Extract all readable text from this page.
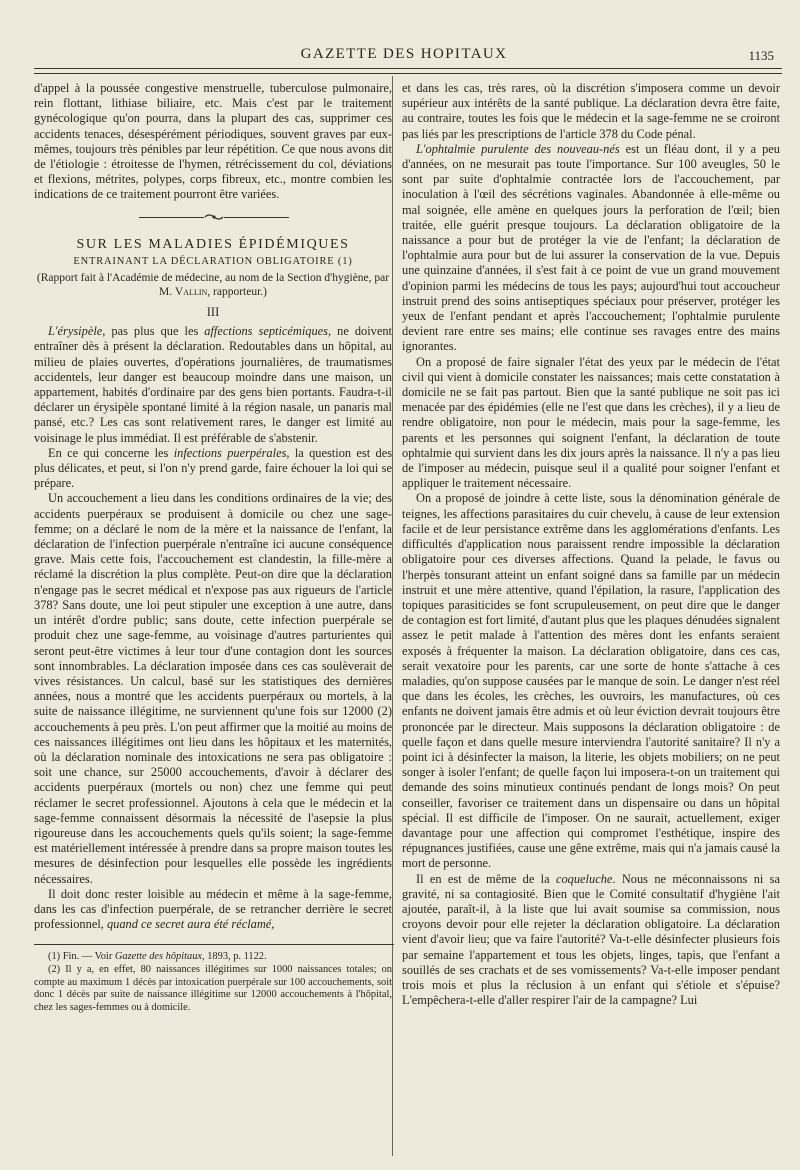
GAZETTE DES HOPITAUX	1135

d'appel à la poussée congestive menstruelle, tuberculose pulmonaire, rein flottant, lithiase biliaire, etc. Mais c'est par le traitement gynécologique qu'on pourra, dans la plupart des cas, supprimer ces accidents tenaces, désespérément périodiques, souvent graves par eux-mêmes, toujours très pénibles par leur répétition. Ce que nous avons dit de l'étiologie : étroitesse de l'hymen, rétrécissement du col, déviations et flexions, métrites, polypes, corps fibreux, etc., montre combien les indications de ce traitement pourront être variées.

SUR LES MALADIES ÉPIDÉMIQUES
ENTRAINANT LA DÉCLARATION OBLIGATOIRE (1)
(Rapport fait à l'Académie de médecine, au nom de la Section d'hygiène, par M. Vallin, rapporteur.)
III

L'érysipèle, pas plus que les affections septicémiques, ne doivent entraîner dès à présent la déclaration. Redoutables dans un hôpital, au milieu de plaies ouvertes, d'opérations journalières, de traumatismes accidentels, leur danger est beaucoup moindre dans une maison, un appartement, habités d'ordinaire par des gens bien portants. Faudra-t-il déclarer un érysipèle spontané limité à la région nasale, un panaris mal pansé, etc.? Les cas sont relativement rares, le danger est limité au voisinage le plus immédiat. Il est préférable de s'abstenir.

En ce qui concerne les infections puerpérales, la question est des plus délicates, et peut, si l'on n'y prend garde, faire échouer la loi qui se prépare.

Un accouchement a lieu dans les conditions ordinaires de la vie; des accidents puerpéraux se produisent à domicile ou chez une sage-femme; on a déclaré le nom de la mère et la naissance de l'enfant, la déclaration de l'infection puerpérale n'entraîne ici aucune conséquence grave. Mais cette fois, l'accouchement est clandestin, la fille-mère a réclamé la discrétion la plus complète. Peut-on dire que la déclaration n'engage pas le secret médical et n'expose pas aux rigueurs de l'article 378? Sans doute, une loi peut stipuler une exception à une autre, dans un intérêt d'ordre public; sans doute, cette infection puerpérale se produit chez une sage-femme, au voisinage d'autres parturientes qui seront peut-être victimes à leur tour d'une contagion dont les sources sont innombrables. La déclaration imposée dans ces cas soulèverait de vives résistances. Un calcul, basé sur les statistiques des dernières années, nous a montré que les accidents puerpéraux ou mortels, à la suite de naissance illégitime, ne surviennent qu'une fois sur 12000 (2) accouchements à peu près. L'on peut affirmer que la moitié au moins de ces naissances illégitimes ont lieu dans les hôpitaux et les maternités, où la déclaration nominale des intoxications ne sera pas obligatoire : soit une chance, sur 25000 accouchements, d'avoir à déclarer des accidents puerpéraux (mortels ou non) chez une femme qui peut réclamer le secret professionnel. Ajoutons à cela que le médecin et la sage-femme connaissent désormais la nécessité de l'asepsie la plus rigoureuse dans les accouchements quels qu'ils soient; la sage-femme est matériellement intéressée à prendre dans sa propre maison toutes les mesures de désinfection pour lesquelles elle possède les ingrédients nécessaires.

Il doit donc rester loisible au médecin et même à la sage-femme, dans les cas d'infection puerpérale, de se retrancher derrière le secret professionnel, quand ce secret aura été réclamé,

(1) Fin. — Voir Gazette des hôpitaux, 1893, p. 1122.

(2) Il y a, en effet, 80 naissances illégitimes sur 1000 naissances totales; on compte au maximum 1 décès par intoxication puerpérale sur 100 accouchements, soit donc 1 décès par suite de naissance illégitime sur 12000 accouchements à l'hôpital, chez les sages-femmes ou à domicile.

et dans les cas, très rares, où la discrétion s'imposera comme un devoir supérieur aux intérêts de la santé publique. La déclaration devra être faite, au contraire, toutes les fois que le médecin et la sage-femme ne se croiront pas liés par les prescriptions de l'article 378 du Code pénal.

L'ophtalmie purulente des nouveau-nés est un fléau dont, il y a peu d'années, on ne mesurait pas toute l'importance. Sur 100 aveugles, 50 le sont par suite d'ophtalmie contractée lors de l'accouchement, par inoculation à l'œil des sécrétions vaginales. Abandonnée à elle-même ou mal soignée, elle amène en quelques jours la perforation de l'œil; bien traitée, elle guérit presque toujours. La déclaration obligatoire de la naissance a pour but de protéger la vie de l'enfant; la déclaration de l'ophtalmie aura pour but de lui assurer la conservation de la vue. Depuis une quinzaine d'années, il s'est fait à ce point de vue un grand mouvement d'opinion parmi les médecins de tous les pays; aujourd'hui tout accoucheur instruit prend des soins antiseptiques spéciaux pour préserver, protéger les yeux de l'enfant pendant et après l'accouchement; l'ophtalmie purulente devient rare entre ses mains; elle continue ses ravages entre des mains ignorantes.

On a proposé de faire signaler l'état des yeux par le médecin de l'état civil qui vient à domicile constater les naissances; mais cette constatation à domicile ne se fait pas partout. Bien que la santé publique ne soit pas ici menacée par des épidémies (elle ne l'est que dans les crèches), il y a lieu de rendre obligatoire, non pour le médecin, mais pour la sage-femme, les parents et les personnes qui soignent l'enfant, la déclaration de toute ophtalmie qui survient dans les dix jours après la naissance. Il n'y a pas lieu de l'imposer au médecin, puisque seul il a qualité pour soigner l'enfant et appliquer le traitement nécessaire.

On a proposé de joindre à cette liste, sous la dénomination générale de teignes, les affections parasitaires du cuir chevelu, à cause de leur extension facile et de leur persistance extrême dans les agglomérations d'enfants. Les difficultés d'application nous paraissent rendre impossible la déclaration obligatoire pour ces diverses affections. Quand la pelade, le favus ou l'herpès tonsurant atteint un enfant soigné dans sa famille par un médecin instruit et une mère attentive, quand l'épilation, la rasure, l'application des topiques parasiticides se font scrupuleusement, on peut dire que le danger de contagion est fort limité, d'autant plus que les plaques dénudées signalent assez le petit malade à l'attention des mères dont les enfants seraient exposés à fréquenter la maison. La déclaration obligatoire, dans ces cas, serait vexatoire pour les parents, car une sorte de honte s'attache à ces maladies, qu'on suppose causées par le manque de soin. Le danger n'est réel que dans les écoles, les crèches, les ouvroirs, les manufactures, où ces enfants ne doivent jamais être admis et où leur éviction devrait toujours être prononcée par le directeur. Mais supposons la déclaration obligatoire : de quelle façon et dans quelle mesure interviendra l'autorité sanitaire? Il n'y a point ici à désinfecter la maison, la literie, les objets mobiliers; on ne peut songer à isoler l'enfant; de quelle façon lui imposera-t-on un traitement qui demande des soins minutieux continués pendant de longs mois? On peut conseiller, favoriser ce traitement dans un dispensaire ou dans un hôpital spécial. Il est difficile de l'imposer. On ne saurait, actuellement, exiger davantage pour une affection qui compromet l'esthétique, inspire des répugnances justifiées, cause une gêne extrême, mais qui n'a jamais causé la mort de personne.

Il en est de même de la coqueluche. Nous ne méconnaissons ni sa gravité, ni sa contagiosité. Bien que le Comité consultatif d'hygiène l'ait ajoutée, paraît-il, à la liste que lui avait soumise sa commission, nous croyons devoir pour elle rejeter la déclaration obligatoire. La déclaration vient d'avoir lieu; que va faire l'autorité? Va-t-elle désinfecter plusieurs fois par semaine l'appartement et tous les objets, linges, tapis, que l'enfant a souillés de ses crachats et de ses vomissements? Va-t-elle imposer pendant trois mois et plus la réclusion à un enfant qui s'étiole et s'épuise? L'empêchera-t-elle d'aller respirer l'air de la campagne? Lui
